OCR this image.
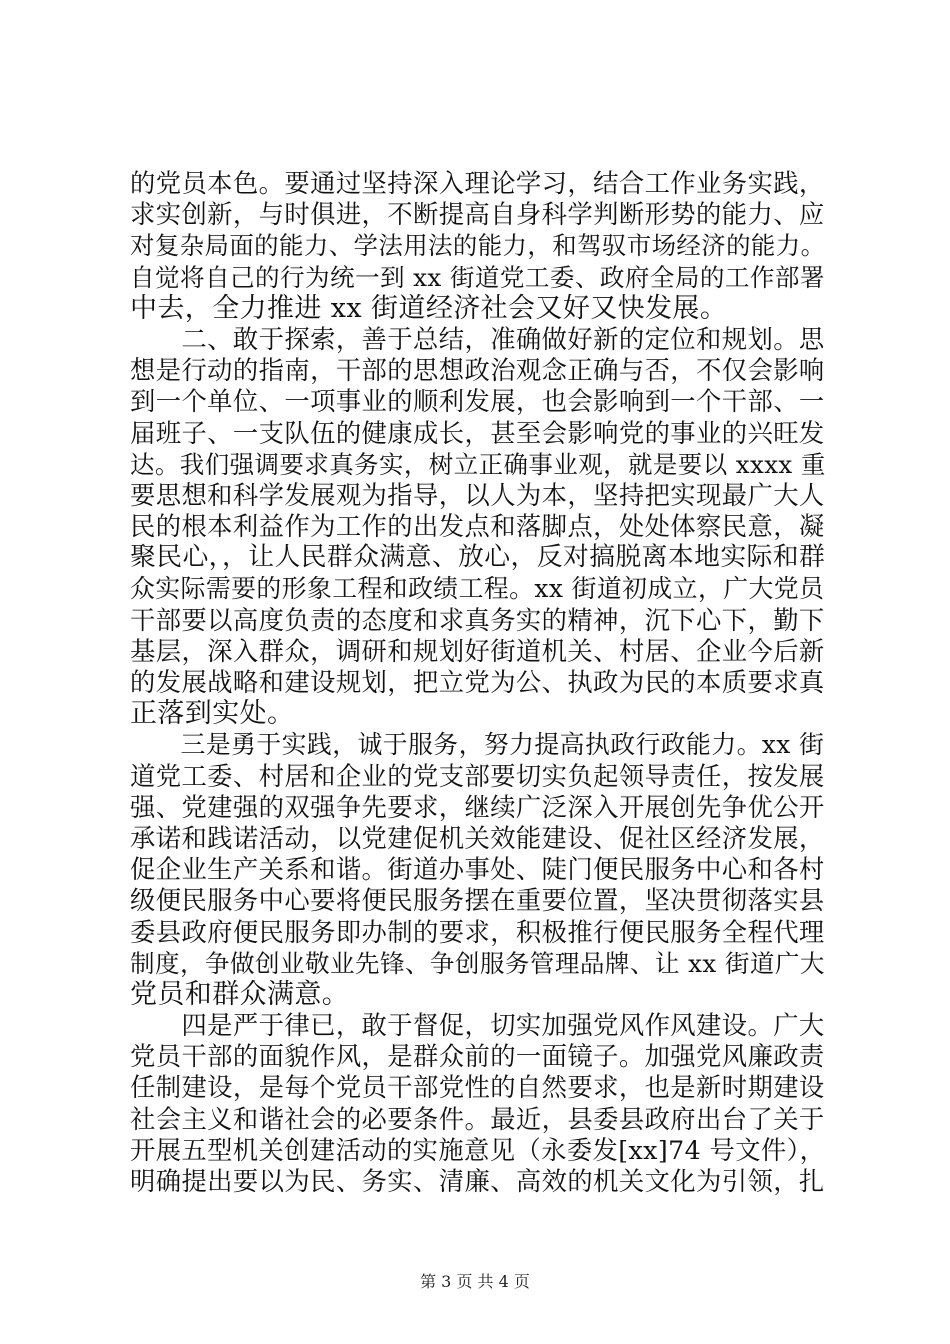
的党员本色。要通过坚持深入理论学习，结合工作业务实践，
求实创新，与时俱进，不断提高自身科学判断形势的能力、应
对复杂局面的能力、学法用法的能力，和驾驭市场经济的能力。
自觉将自己的行为统一到 xx 街道党工委、政府全局的工作部署
中去，全力推进 xx 街道经济社会又好又快发展。
　　二、敢于探索，善于总结，准确做好新的定位和规划。思
想是行动的指南，干部的思想政治观念正确与否，不仅会影响
到一个单位、一项事业的顺利发展，也会影响到一个干部、一
届班子、一支队伍的健康成长，甚至会影响党的事业的兴旺发
达。我们强调要求真务实，树立正确事业观，就是要以 xxxx 重
要思想和科学发展观为指导，以人为本，坚持把实现最广大人
民的根本利益作为工作的出发点和落脚点，处处体察民意，凝
聚民心，，让人民群众满意、放心，反对搞脱离本地实际和群
众实际需要的形象工程和政绩工程。xx 街道初成立，广大党员
干部要以高度负责的态度和求真务实的精神，沉下心下，勤下
基层，深入群众，调研和规划好街道机关、村居、企业今后新
的发展战略和建设规划，把立党为公、执政为民的本质要求真
正落到实处。
　　三是勇于实践，诚于服务，努力提高执政行政能力。xx 街
道党工委、村居和企业的党支部要切实负起领导责任，按发展
强、党建强的双强争先要求，继续广泛深入开展创先争优公开
承诺和践诺活动，以党建促机关效能建设、促社区经济发展，
促企业生产关系和谐。街道办事处、陡门便民服务中心和各村
级便民服务中心要将便民服务摆在重要位置，坚决贯彻落实县
委县政府便民服务即办制的要求，积极推行便民服务全程代理
制度，争做创业敬业先锋、争创服务管理品牌、让 xx 街道广大
党员和群众满意。
　　四是严于律已，敢于督促，切实加强党风作风建设。广大
党员干部的面貌作风，是群众前的一面镜子。加强党风廉政责
任制建设，是每个党员干部党性的自然要求，也是新时期建设
社会主义和谐社会的必要条件。最近，县委县政府出台了关于
开展五型机关创建活动的实施意见（永委发[xx]74 号文件），
明确提出要以为民、务实、清廉、高效的机关文化为引领，扎
第 3 页 共 4 页
